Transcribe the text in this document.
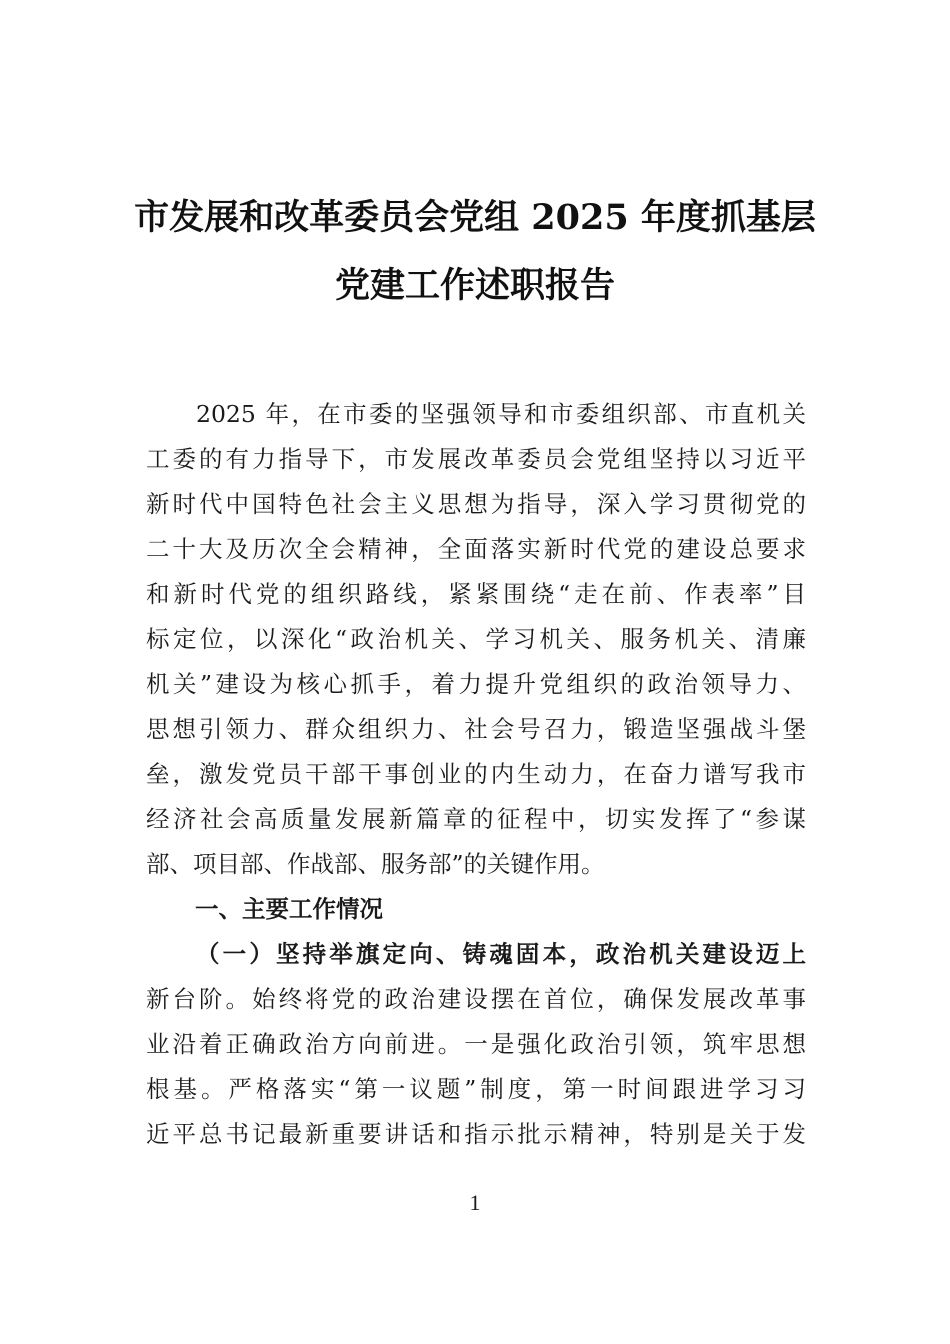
市发展和改革委员会党组 2025 年度抓基层
党建工作述职报告
2025 年，在市委的坚强领导和市委组织部、市直机关
工委的有力指导下，市发展改革委员会党组坚持以习近平
新时代中国特色社会主义思想为指导，深入学习贯彻党的
二十大及历次全会精神，全面落实新时代党的建设总要求
和新时代党的组织路线，紧紧围绕“走在前、作表率”目
标定位，以深化“政治机关、学习机关、服务机关、清廉
机关”建设为核心抓手，着力提升党组织的政治领导力、
思想引领力、群众组织力、社会号召力，锻造坚强战斗堡
垒，激发党员干部干事创业的内生动力，在奋力谱写我市
经济社会高质量发展新篇章的征程中，切实发挥了“参谋
部、项目部、作战部、服务部”的关键作用。
一、主要工作情况
（一）坚持举旗定向、铸魂固本，政治机关建设迈上
新台阶。始终将党的政治建设摆在首位，确保发展改革事
业沿着正确政治方向前进。一是强化政治引领，筑牢思想
根基。严格落实“第一议题”制度，第一时间跟进学习习
近平总书记最新重要讲话和指示批示精神，特别是关于发
1
